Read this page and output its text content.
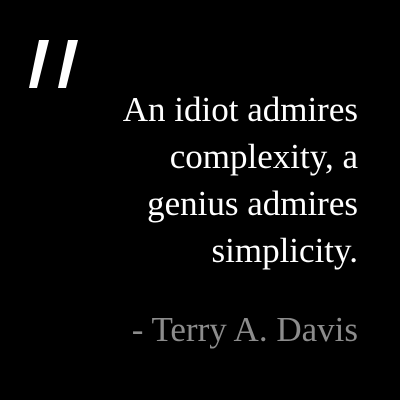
An idiot admires
complexity, a
genius admires
simplicity.
- Terry A. Davis
